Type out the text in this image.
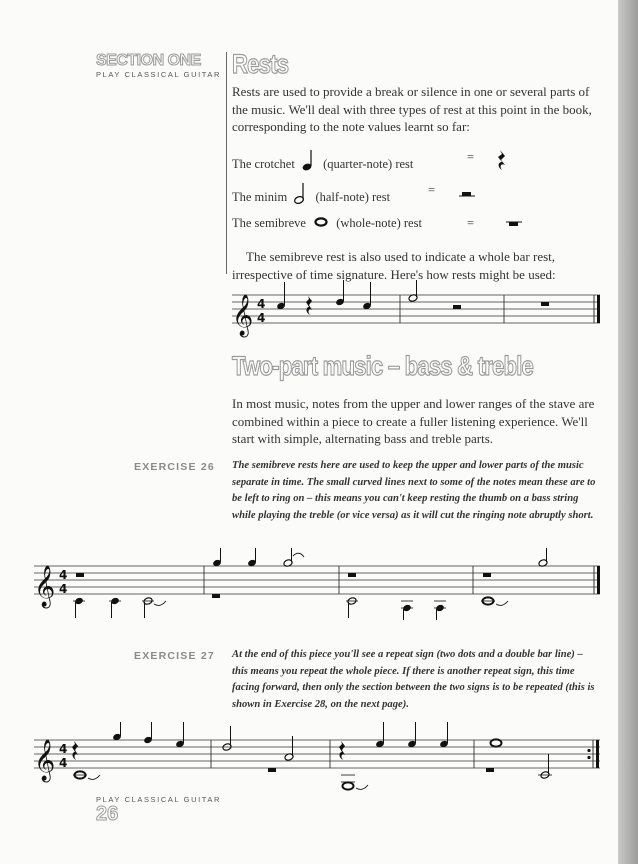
SECTION ONE
PLAY CLASSICAL GUITAR Rests
Rests are used to provide a break or silence in one or several parts of the music. We'll deal with three types of rest at this point in the book, corresponding to the note values learnt so far:
The crotchet (quarter-note) rest	=
The minim (half-note) rest	=
The semibreve (whole-note) rest	=
The semibreve rest is also used to indicate a whole bar rest, irrespective of time signature. Here's how rests might be used:
𝄞 4
4
Two-part music – bass & treble
In most music, notes from the upper and lower ranges of the stave are combined within a piece to create a fuller listening experience. We'll start with simple, alternating bass and treble parts.
EXERCISE 26 The semibreve rests here are used to keep the upper and lower parts of the music separate in time. The small curved lines next to some of the notes mean these are to be left to ring on – this means you can't keep resting the thumb on a bass string while playing the treble (or vice versa) as it will cut the ringing note abruptly short.
𝄞 4
4
EXERCISE 27 At the end of this piece you'll see a repeat sign (two dots and a double bar line) – this means you repeat the whole piece. If there is another repeat sign, this time facing forward, then only the section between the two signs is to be repeated (this is shown in Exercise 28, on the next page).
𝄞 4
4
PLAY CLASSICAL GUITAR
26
